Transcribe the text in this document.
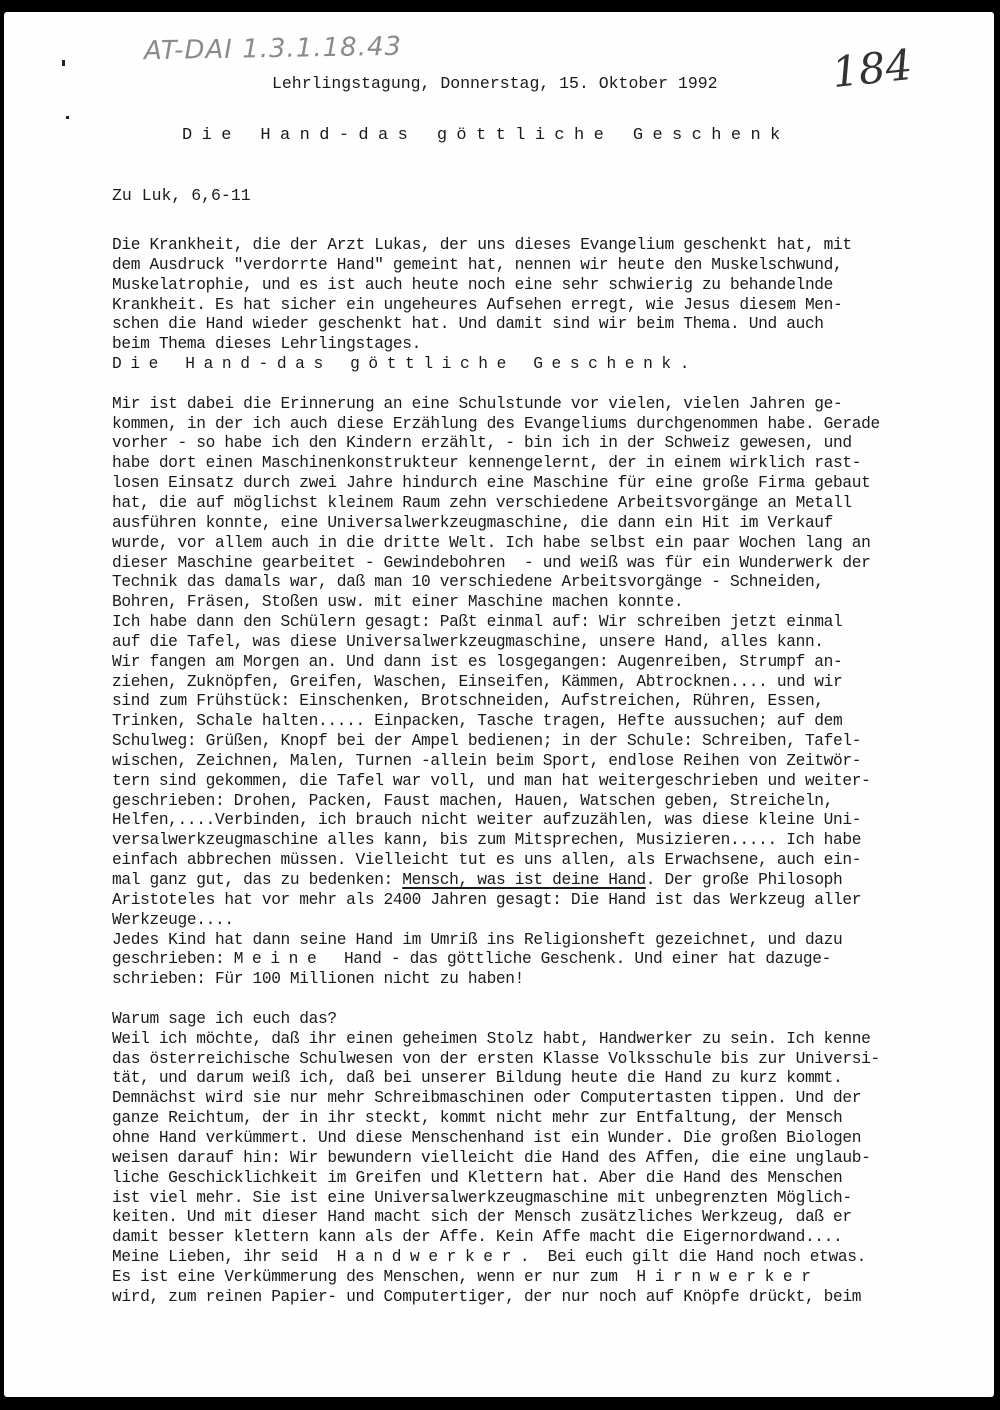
AT-DAI 1.3.1.18.43	184
Lehrlingstagung, Donnerstag, 15. Oktober 1992
Die Hand-das göttliche Geschenk
Zu Luk, 6,6-11
Die Krankheit, die der Arzt Lukas, der uns dieses Evangelium geschenkt hat, mit
dem Ausdruck "verdorrte Hand" gemeint hat, nennen wir heute den Muskelschwund,
Muskelatrophie, und es ist auch heute noch eine sehr schwierig zu behandelnde
Krankheit. Es hat sicher ein ungeheures Aufsehen erregt, wie Jesus diesem Men-
schen die Hand wieder geschenkt hat. Und damit sind wir beim Thema. Und auch
beim Thema dieses Lehrlingstages.
Die Hand-das göttliche Geschenk.
Mir ist dabei die Erinnerung an eine Schulstunde vor vielen, vielen Jahren ge-
kommen, in der ich auch diese Erzählung des Evangeliums durchgenommen habe. Gerade
vorher - so habe ich den Kindern erzählt, - bin ich in der Schweiz gewesen, und
habe dort einen Maschinenkonstrukteur kennengelernt, der in einem wirklich rast-
losen Einsatz durch zwei Jahre hindurch eine Maschine für eine große Firma gebaut
hat, die auf möglichst kleinem Raum zehn verschiedene Arbeitsvorgänge an Metall
ausführen konnte, eine Universalwerkzeugmaschine, die dann ein Hit im Verkauf
wurde, vor allem auch in die dritte Welt. Ich habe selbst ein paar Wochen lang an
dieser Maschine gearbeitet - Gewindebohren  - und weiß was für ein Wunderwerk der
Technik das damals war, daß man 10 verschiedene Arbeitsvorgänge - Schneiden,
Bohren, Fräsen, Stoßen usw. mit einer Maschine machen konnte.
Ich habe dann den Schülern gesagt: Paßt einmal auf: Wir schreiben jetzt einmal
auf die Tafel, was diese Universalwerkzeugmaschine, unsere Hand, alles kann.
Wir fangen am Morgen an. Und dann ist es losgegangen: Augenreiben, Strumpf an-
ziehen, Zuknöpfen, Greifen, Waschen, Einseifen, Kämmen, Abtrocknen.... und wir
sind zum Frühstück: Einschenken, Brotschneiden, Aufstreichen, Rühren, Essen,
Trinken, Schale halten..... Einpacken, Tasche tragen, Hefte aussuchen; auf dem
Schulweg: Grüßen, Knopf bei der Ampel bedienen; in der Schule: Schreiben, Tafel-
wischen, Zeichnen, Malen, Turnen -allein beim Sport, endlose Reihen von Zeitwör-
tern sind gekommen, die Tafel war voll, und man hat weitergeschrieben und weiter-
geschrieben: Drohen, Packen, Faust machen, Hauen, Watschen geben, Streicheln,
Helfen,....Verbinden, ich brauch nicht weiter aufzuzählen, was diese kleine Uni-
versalwerkzeugmaschine alles kann, bis zum Mitsprechen, Musizieren..... Ich habe
einfach abbrechen müssen. Vielleicht tut es uns allen, als Erwachsene, auch ein-
mal ganz gut, das zu bedenken: Mensch, was ist deine Hand. Der große Philosoph
Aristoteles hat vor mehr als 2400 Jahren gesagt: Die Hand ist das Werkzeug aller
Werkzeuge....
Jedes Kind hat dann seine Hand im Umriß ins Religionsheft gezeichnet, und dazu
geschrieben: Meine  Hand - das göttliche Geschenk. Und einer hat dazuge-
schrieben: Für 100 Millionen nicht zu haben!
Warum sage ich euch das?
Weil ich möchte, daß ihr einen geheimen Stolz habt, Handwerker zu sein. Ich kenne
das österreichische Schulwesen von der ersten Klasse Volksschule bis zur Universi-
tät, und darum weiß ich, daß bei unserer Bildung heute die Hand zu kurz kommt.
Demnächst wird sie nur mehr Schreibmaschinen oder Computertasten tippen. Und der
ganze Reichtum, der in ihr steckt, kommt nicht mehr zur Entfaltung, der Mensch
ohne Hand verkümmert. Und diese Menschenhand ist ein Wunder. Die großen Biologen
weisen darauf hin: Wir bewundern vielleicht die Hand des Affen, die eine unglaub-
liche Geschicklichkeit im Greifen und Klettern hat. Aber die Hand des Menschen
ist viel mehr. Sie ist eine Universalwerkzeugmaschine mit unbegrenzten Möglich-
keiten. Und mit dieser Hand macht sich der Mensch zusätzliches Werkzeug, daß er
damit besser klettern kann als der Affe. Kein Affe macht die Eigernordwand....
Meine Lieben, ihr seid  Handwerker. Bei euch gilt die Hand noch etwas.
Es ist eine Verkümmerung des Menschen, wenn er nur zum  Hirnwerker
wird, zum reinen Papier- und Computertiger, der nur noch auf Knöpfe drückt, beim
